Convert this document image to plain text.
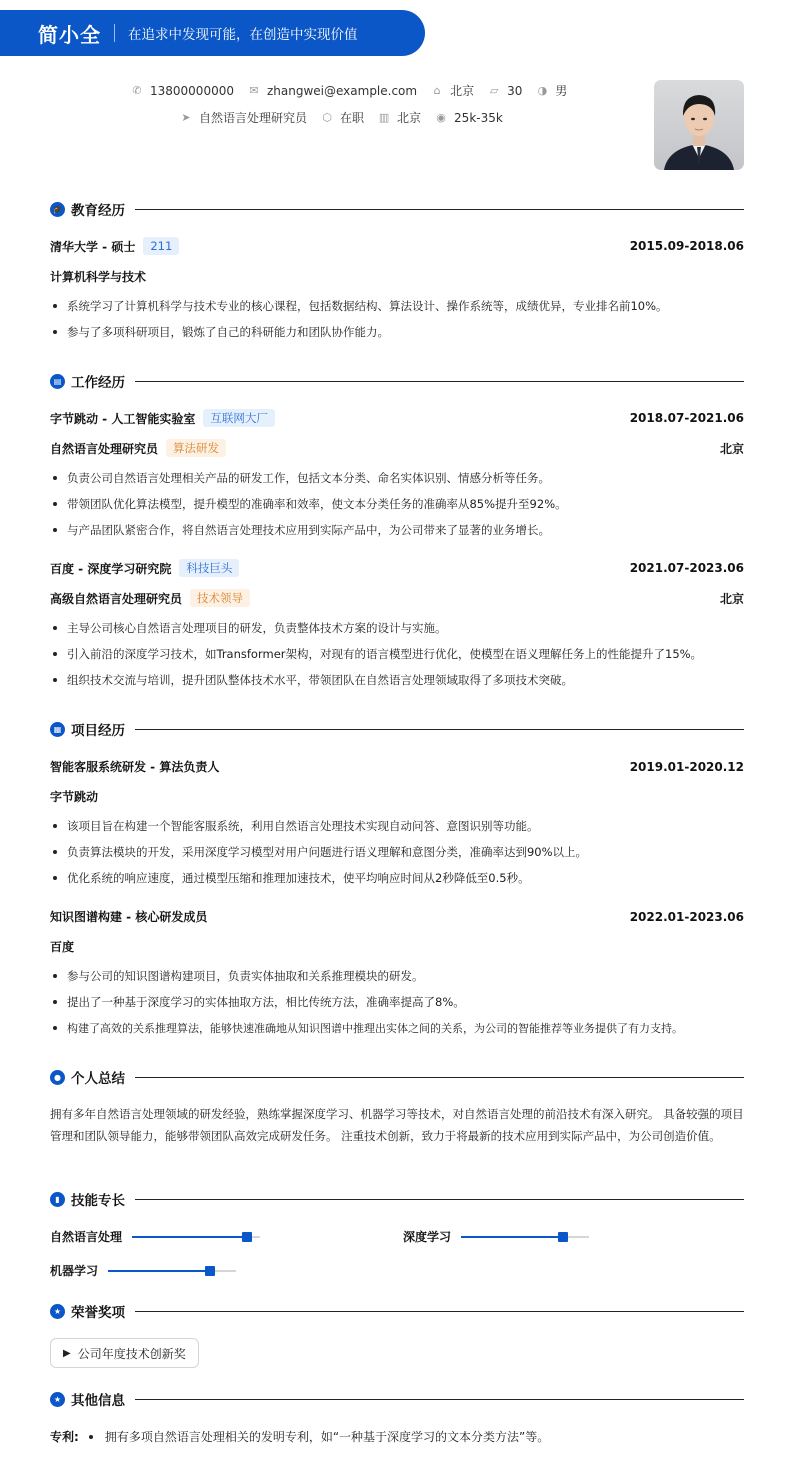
简小全 在追求中发现可能，在创造中实现价值
✆ 13800000000 ✉ zhangwei@example.com ⌂ 北京 ▱ 30 ◑ 男
➤ 自然语言处理研究员 ⬡ 在职 ▥ 北京 ◉ 25k-35k
🎓 教育经历
清华大学 - 硕士	211	2015.09-2018.06
计算机科学与技术
系统学习了计算机科学与技术专业的核心课程，包括数据结构、算法设计、操作系统等，成绩优异，专业排名前10%。
参与了多项科研项目，锻炼了自己的科研能力和团队协作能力。
▤ 工作经历
字节跳动 - 人工智能实验室	互联网大厂	2018.07-2021.06
自然语言处理研究员	算法研发	北京
负责公司自然语言处理相关产品的研发工作，包括文本分类、命名实体识别、情感分析等任务。
带领团队优化算法模型，提升模型的准确率和效率，使文本分类任务的准确率从85%提升至92%。
与产品团队紧密合作，将自然语言处理技术应用到实际产品中，为公司带来了显著的业务增长。
百度 - 深度学习研究院	科技巨头	2021.07-2023.06
高级自然语言处理研究员	技术领导	北京
主导公司核心自然语言处理项目的研发，负责整体技术方案的设计与实施。
引入前沿的深度学习技术，如Transformer架构，对现有的语言模型进行优化，使模型在语义理解任务上的性能提升了15%。
组织技术交流与培训，提升团队整体技术水平，带领团队在自然语言处理领域取得了多项技术突破。
▦ 项目经历
智能客服系统研发 - 算法负责人	2019.01-2020.12
字节跳动
该项目旨在构建一个智能客服系统，利用自然语言处理技术实现自动问答、意图识别等功能。
负责算法模块的开发，采用深度学习模型对用户问题进行语义理解和意图分类，准确率达到90%以上。
优化系统的响应速度，通过模型压缩和推理加速技术，使平均响应时间从2秒降低至0.5秒。
知识图谱构建 - 核心研发成员	2022.01-2023.06
百度
参与公司的知识图谱构建项目，负责实体抽取和关系推理模块的研发。
提出了一种基于深度学习的实体抽取方法，相比传统方法，准确率提高了8%。
构建了高效的关系推理算法，能够快速准确地从知识图谱中推理出实体之间的关系，为公司的智能推荐等业务提供了有力支持。
● 个人总结
拥有多年自然语言处理领域的研发经验，熟练掌握深度学习、机器学习等技术，对自然语言处理的前沿技术有深入研究。 具备较强的项目管理和团队领导能力，能够带领团队高效完成研发任务。 注重技术创新，致力于将最新的技术应用到实际产品中，为公司创造价值。
▮ 技能专长
自然语言处理	深度学习
机器学习
★ 荣誉奖项
▶ 公司年度技术创新奖
★ 其他信息
专利: 拥有多项自然语言处理相关的发明专利，如“一种基于深度学习的文本分类方法”等。
